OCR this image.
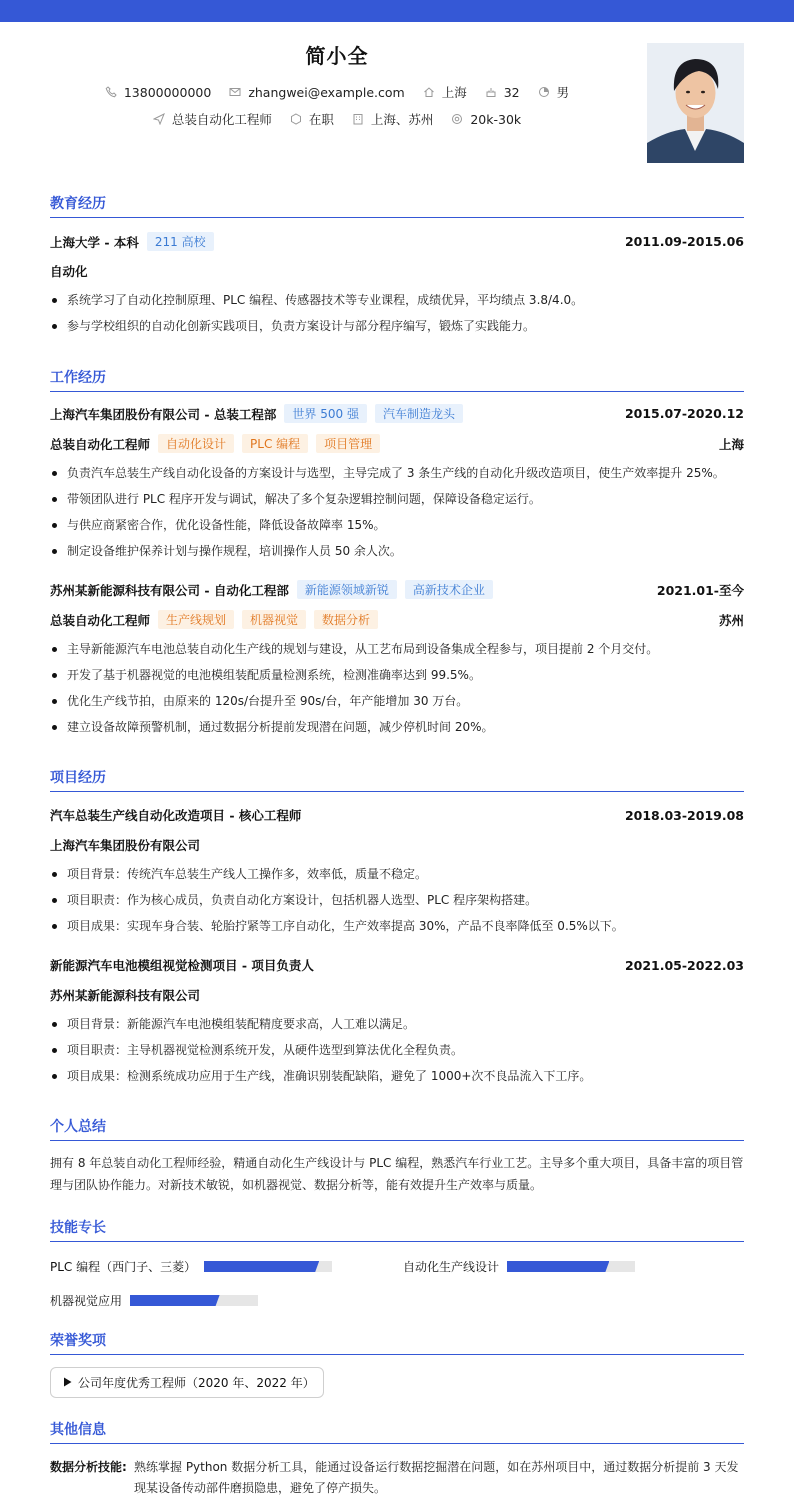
简小全
13800000000	zhangwei@example.com	上海	32	男
总装自动化工程师	在职	上海、苏州	20k-30k
教育经历
上海大学 - 本科	211 高校	2011.09-2015.06
自动化
系统学习了自动化控制原理、PLC 编程、传感器技术等专业课程，成绩优异，平均绩点 3.8/4.0。
参与学校组织的自动化创新实践项目，负责方案设计与部分程序编写，锻炼了实践能力。
工作经历
上海汽车集团股份有限公司 - 总装工程部	世界 500 强	汽车制造龙头	2015.07-2020.12
总装自动化工程师	自动化设计	PLC 编程	项目管理	上海
负责汽车总装生产线自动化设备的方案设计与选型，主导完成了 3 条生产线的自动化升级改造项目，使生产效率提升 25%。
带领团队进行 PLC 程序开发与调试，解决了多个复杂逻辑控制问题，保障设备稳定运行。
与供应商紧密合作，优化设备性能，降低设备故障率 15%。
制定设备维护保养计划与操作规程，培训操作人员 50 余人次。
苏州某新能源科技有限公司 - 自动化工程部	新能源领域新锐	高新技术企业	2021.01-至今
总装自动化工程师	生产线规划	机器视觉	数据分析	苏州
主导新能源汽车电池总装自动化生产线的规划与建设，从工艺布局到设备集成全程参与，项目提前 2 个月交付。
开发了基于机器视觉的电池模组装配质量检测系统，检测准确率达到 99.5%。
优化生产线节拍，由原来的 120s/台提升至 90s/台，年产能增加 30 万台。
建立设备故障预警机制，通过数据分析提前发现潜在问题，减少停机时间 20%。
项目经历
汽车总装生产线自动化改造项目 - 核心工程师	2018.03-2019.08
上海汽车集团股份有限公司
项目背景：传统汽车总装生产线人工操作多，效率低，质量不稳定。
项目职责：作为核心成员，负责自动化方案设计，包括机器人选型、PLC 程序架构搭建。
项目成果：实现车身合装、轮胎拧紧等工序自动化，生产效率提高 30%，产品不良率降低至 0.5%以下。
新能源汽车电池模组视觉检测项目 - 项目负责人	2021.05-2022.03
苏州某新能源科技有限公司
项目背景：新能源汽车电池模组装配精度要求高，人工难以满足。
项目职责：主导机器视觉检测系统开发，从硬件选型到算法优化全程负责。
项目成果：检测系统成功应用于生产线，准确识别装配缺陷，避免了 1000+次不良品流入下工序。
个人总结
拥有 8 年总装自动化工程师经验，精通自动化生产线设计与 PLC 编程，熟悉汽车行业工艺。主导多个重大项目，具备丰富的项目管理与团队协作能力。对新技术敏锐，如机器视觉、数据分析等，能有效提升生产效率与质量。
技能专长
PLC 编程（西门子、三菱）	自动化生产线设计
机器视觉应用
荣誉奖项
公司年度优秀工程师（2020 年、2022 年）
其他信息
数据分析技能: 熟练掌握 Python 数据分析工具，能通过设备运行数据挖掘潜在问题，如在苏州项目中，通过数据分析提前 3 天发现某设备传动部件磨损隐患，避免了停产损失。
